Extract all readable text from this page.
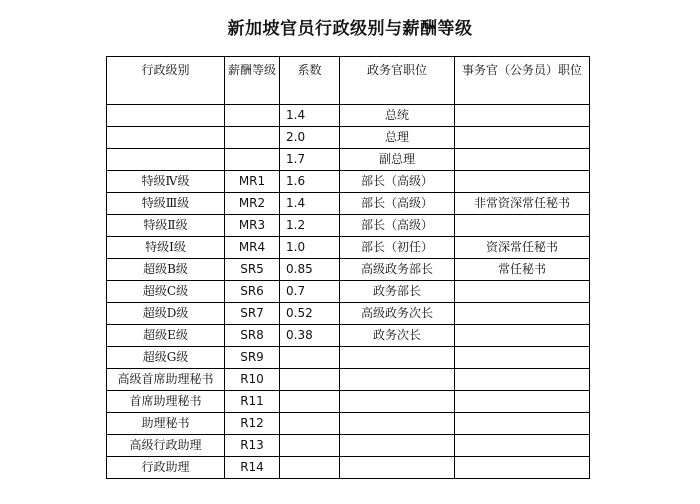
新加坡官员行政级别与薪酬等级
行政级别	薪酬等级	系数	政务官职位	事务官（公务员）职位
		1.4	总统	
		2.0	总理	
		1.7	副总理	
特级Ⅳ级	MR1	1.6	部长（高级）	
特级Ⅲ级	MR2	1.4	部长（高级）	非常资深常任秘书
特级Ⅱ级	MR3	1.2	部长（高级）	
特级Ⅰ级	MR4	1.0	部长（初任）	资深常任秘书
超级B级	SR5	0.85	高级政务部长	常任秘书
超级C级	SR6	0.7	政务部长	
超级D级	SR7	0.52	高级政务次长	
超级E级	SR8	0.38	政务次长	
超级G级	SR9			
高级首席助理秘书	R10			
首席助理秘书	R11			
助理秘书	R12			
高级行政助理	R13			
行政助理	R14			
